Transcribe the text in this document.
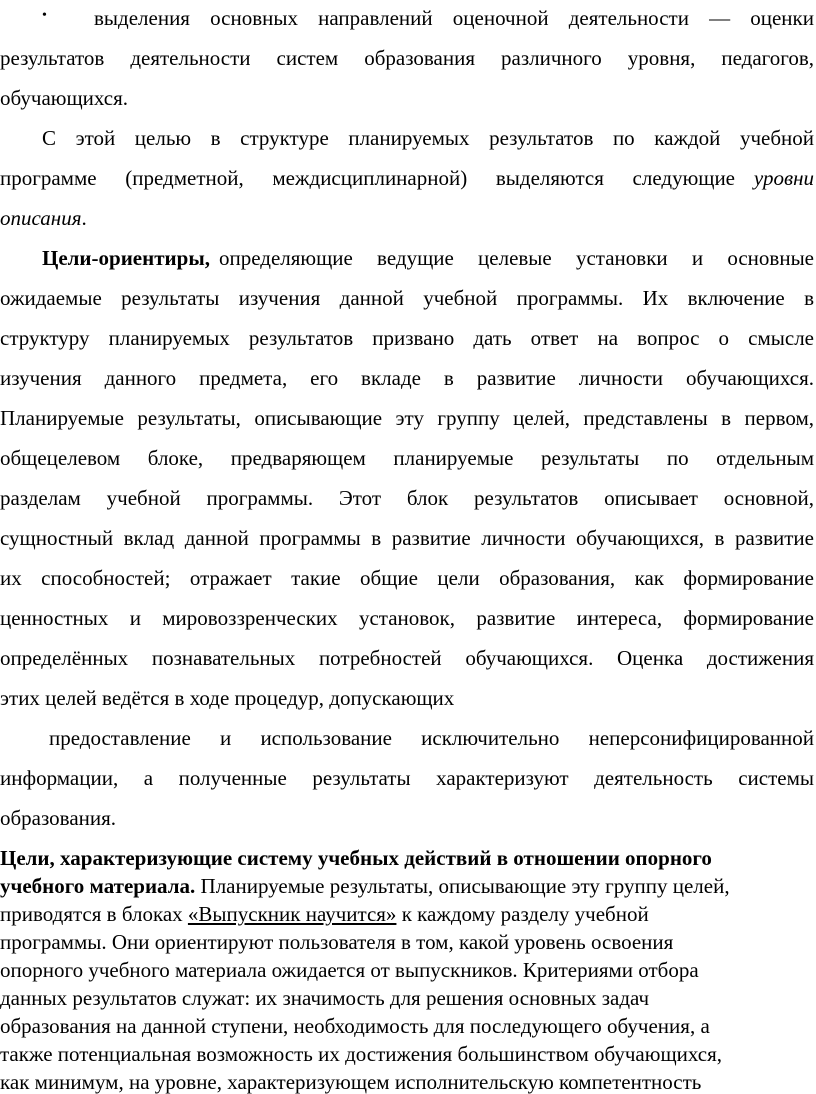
• выделения основных направлений оценочной деятельности — оценки
результатов деятельности систем образования различного уровня, педагогов,
обучающихся.
С этой целью в структуре планируемых результатов по каждой учебной
программе (предметной, междисциплинарной) выделяются следующие уровни
описания.
Цели-ориентиры, определяющие ведущие целевые установки и основные
ожидаемые результаты изучения данной учебной программы. Их включение в
структуру планируемых результатов призвано дать ответ на вопрос о смысле
изучения данного предмета, его вкладе в развитие личности обучающихся.
Планируемые результаты, описывающие эту группу целей, представлены в первом,
общецелевом блоке, предваряющем планируемые результаты по отдельным
разделам учебной программы. Этот блок результатов описывает основной,
сущностный вклад данной программы в развитие личности обучающихся, в развитие
их способностей; отражает такие общие цели образования, как формирование
ценностных и мировоззренческих установок, развитие интереса, формирование
определённых познавательных потребностей обучающихся. Оценка достижения
этих целей ведётся в ходе процедур, допускающих
предоставление и использование исключительно неперсонифицированной
информации, а полученные результаты характеризуют деятельность системы
образования.
Цели, характеризующие систему учебных действий в отношении опорного
учебного материала. Планируемые результаты, описывающие эту группу целей,
приводятся в блоках «Выпускник научится» к каждому разделу учебной
программы. Они ориентируют пользователя в том, какой уровень освоения
опорного учебного материала ожидается от выпускников. Критериями отбора
данных результатов служат: их значимость для решения основных задач
образования на данной ступени, необходимость для последующего обучения, а
также потенциальная возможность их достижения большинством обучающихся,
как минимум, на уровне, характеризующем исполнительскую компетентность
